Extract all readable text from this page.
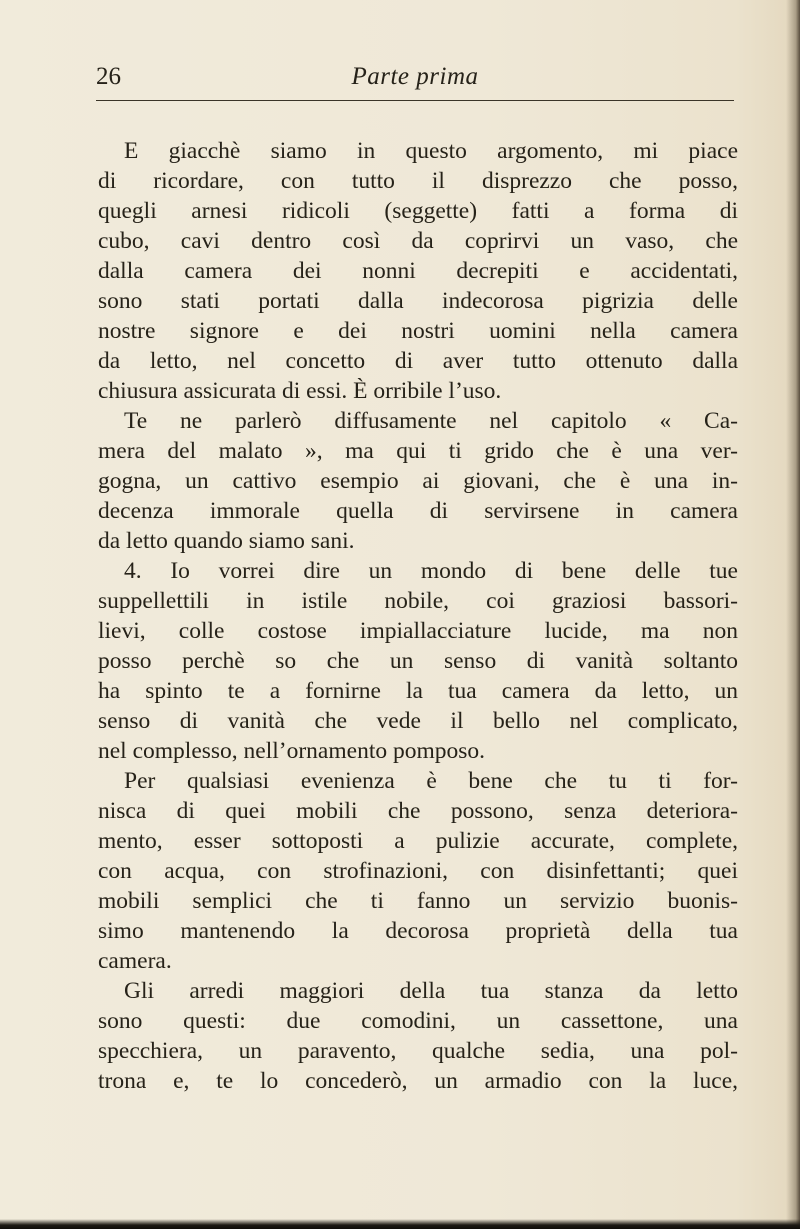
26	Parte prima
E giacchè siamo in questo argomento, mi piace
di ricordare, con tutto il disprezzo che posso,
quegli arnesi ridicoli (seggette) fatti a forma di
cubo, cavi dentro così da coprirvi un vaso, che
dalla camera dei nonni decrepiti e accidentati,
sono stati portati dalla indecorosa pigrizia delle
nostre signore e dei nostri uomini nella camera
da letto, nel concetto di aver tutto ottenuto dalla
chiusura assicurata di essi. È orribile l’uso.
Te ne parlerò diffusamente nel capitolo « Ca-
mera del malato », ma qui ti grido che è una ver-
gogna, un cattivo esempio ai giovani, che è una in-
decenza immorale quella di servirsene in camera
da letto quando siamo sani.
4. Io vorrei dire un mondo di bene delle tue
suppellettili in istile nobile, coi graziosi bassori-
lievi, colle costose impiallacciature lucide, ma non
posso perchè so che un senso di vanità soltanto
ha spinto te a fornirne la tua camera da letto, un
senso di vanità che vede il bello nel complicato,
nel complesso, nell’ornamento pomposo.
Per qualsiasi evenienza è bene che tu ti for-
nisca di quei mobili che possono, senza deteriora-
mento, esser sottoposti a pulizie accurate, complete,
con acqua, con strofinazioni, con disinfettanti; quei
mobili semplici che ti fanno un servizio buonis-
simo mantenendo la decorosa proprietà della tua
camera.
Gli arredi maggiori della tua stanza da letto
sono questi: due comodini, un cassettone, una
specchiera, un paravento, qualche sedia, una pol-
trona e, te lo concederò, un armadio con la luce,
